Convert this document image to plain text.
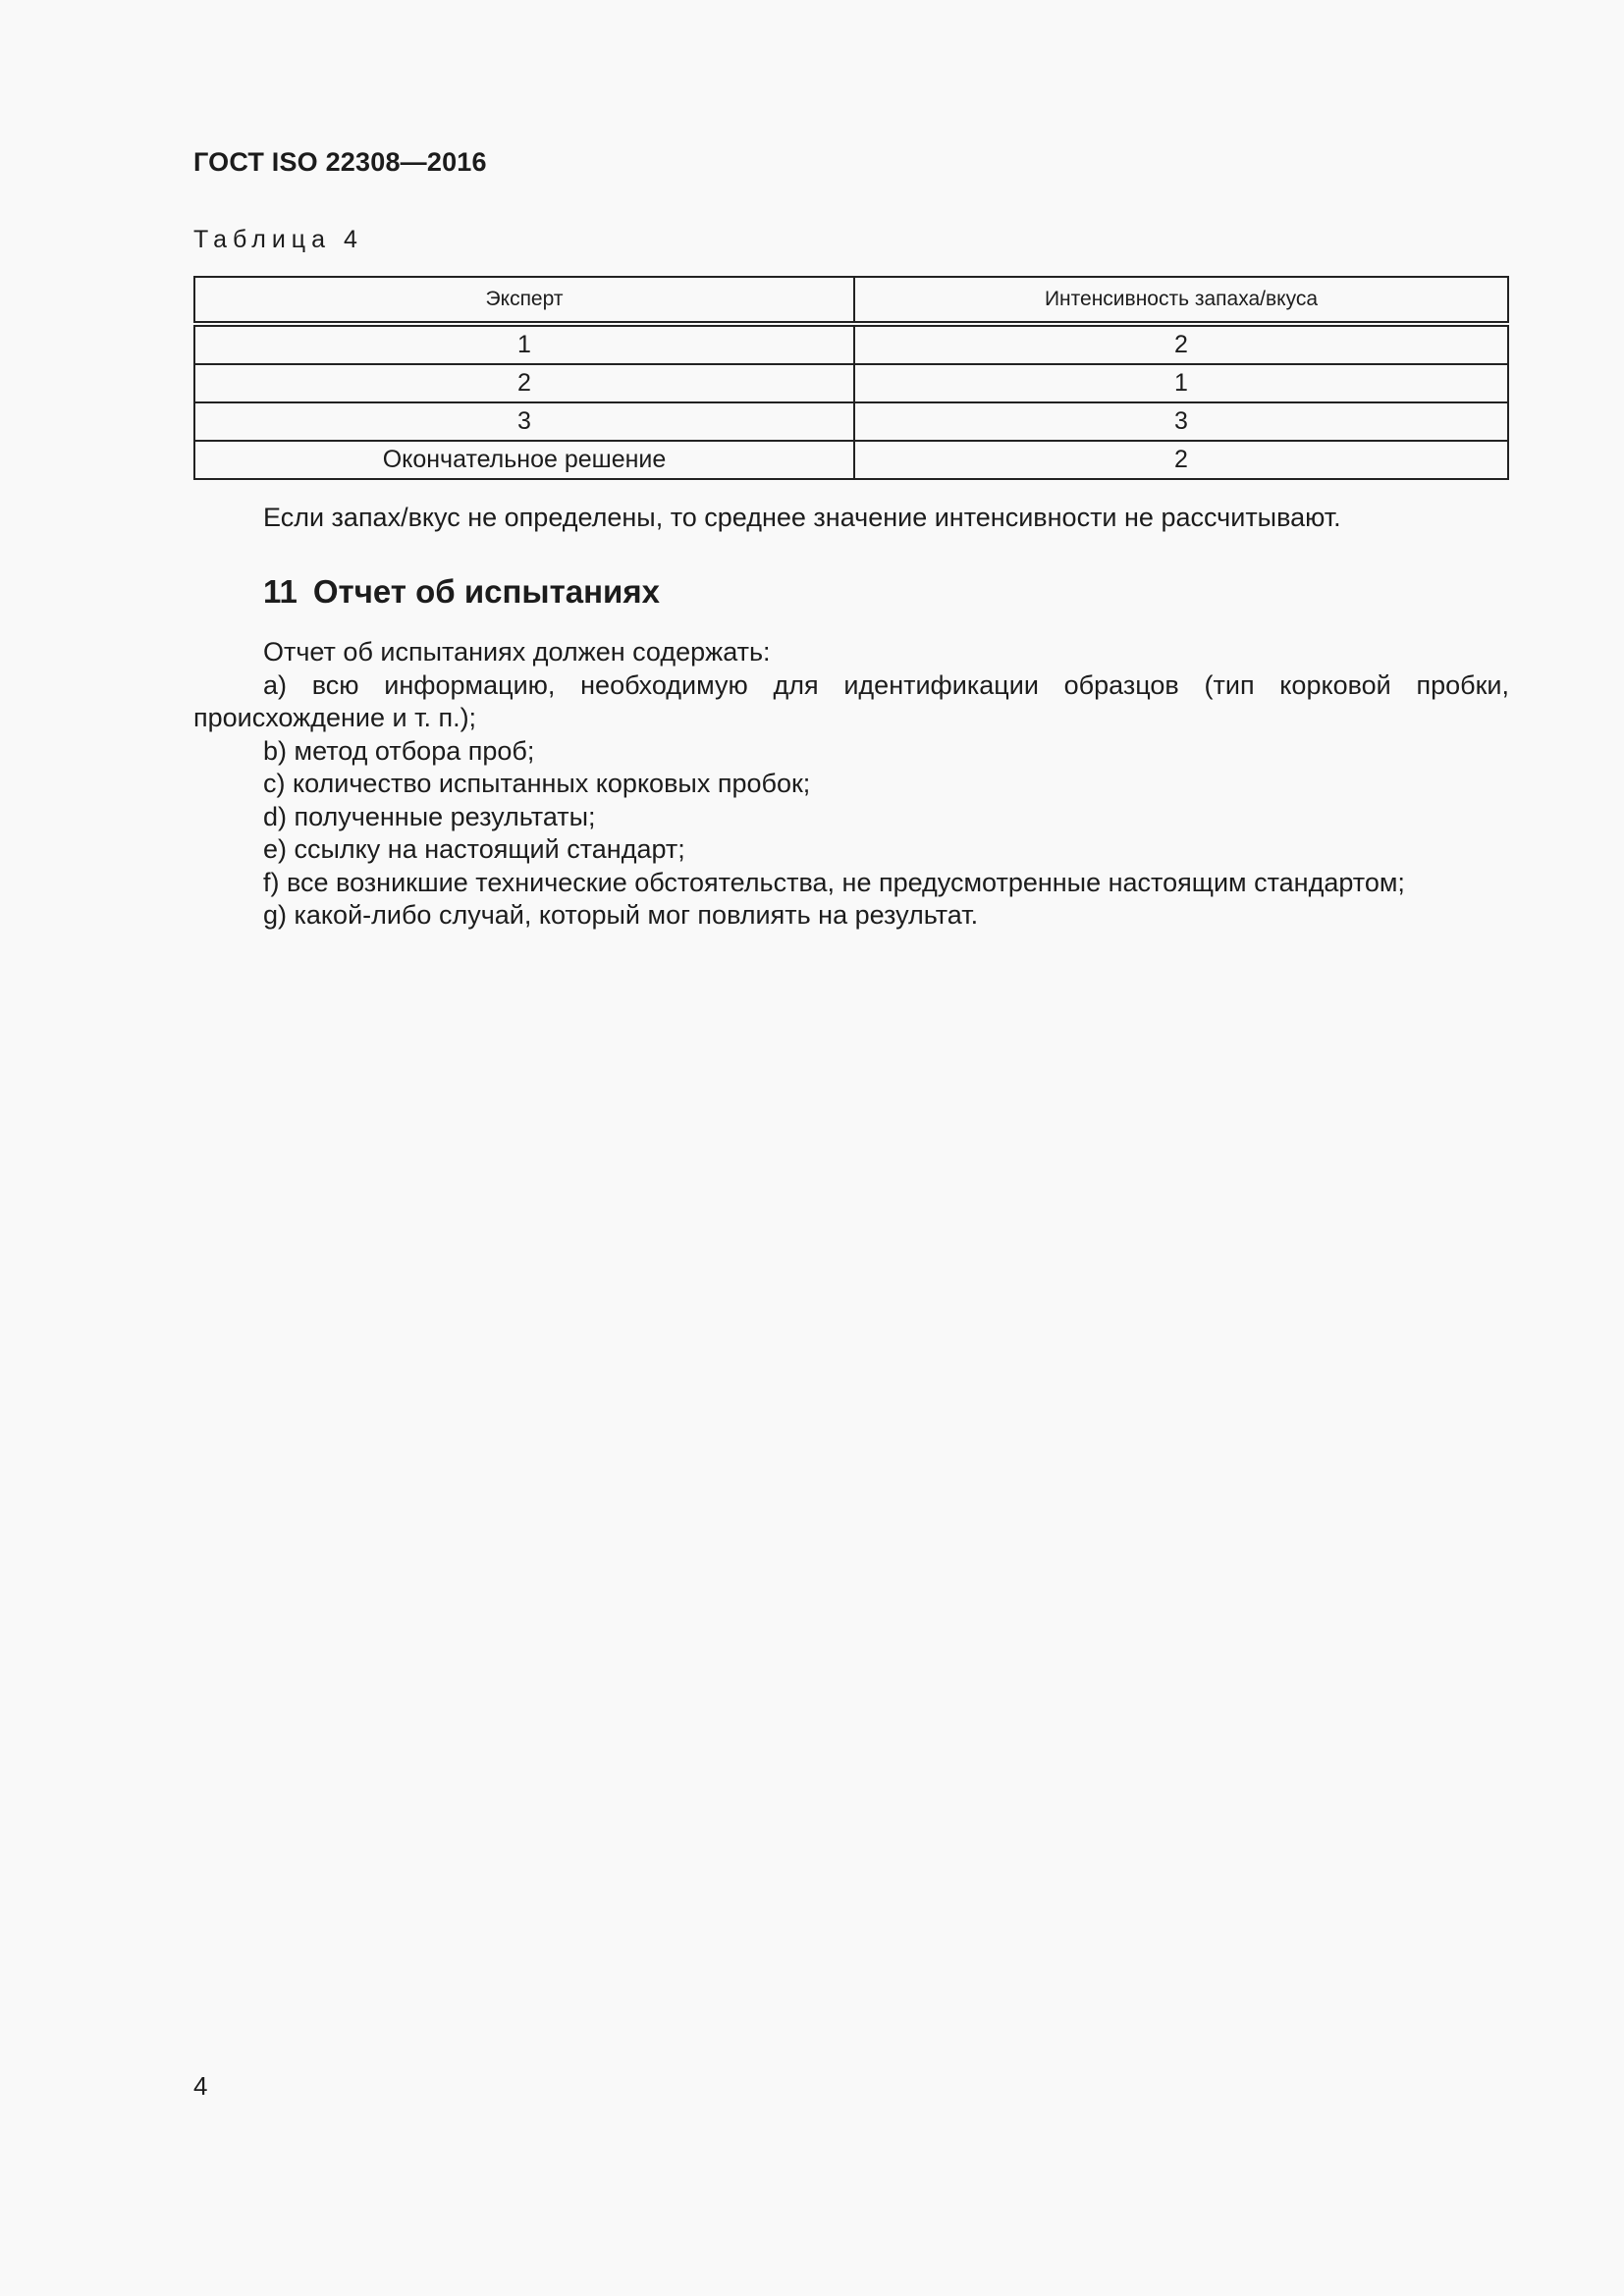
ГОСТ ISO 22308—2016
Таблица 4
Эксперт	Интенсивность запаха/вкуса
1	2
2	1
3	3
Окончательное решение	2
Если запах/вкус не определены, то среднее значение интенсивности не рассчитывают.
11 Отчет об испытаниях
Отчет об испытаниях должен содержать:
a) всю информацию, необходимую для идентификации образцов (тип корковой пробки, происхождение и т. п.);
b) метод отбора проб;
c) количество испытанных корковых пробок;
d) полученные результаты;
e) ссылку на настоящий стандарт;
f) все возникшие технические обстоятельства, не предусмотренные настоящим стандартом;
g) какой-либо случай, который мог повлиять на результат.
4
